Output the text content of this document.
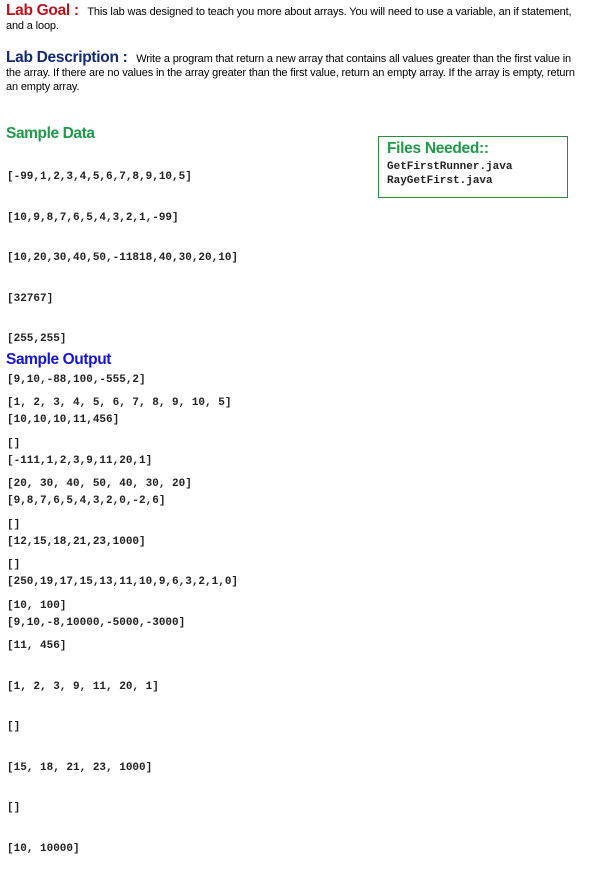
Lab Goal : This lab was designed to teach you more about arrays. You will need to use a variable, an if statement, and a loop.
Lab Description : Write a program that return a new array that contains all values greater than the first value in the array. If there are no values in the array greater than the first value, return an empty array. If the array is empty, return an empty array.
Sample Data

[-99,1,2,3,4,5,6,7,8,9,10,5]

[10,9,8,7,6,5,4,3,2,1,-99]

[10,20,30,40,50,-11818,40,30,20,10]

[32767]

[255,255]

[9,10,-88,100,-555,2]

[10,10,10,11,456]

[-111,1,2,3,9,11,20,1]

[9,8,7,6,5,4,3,2,0,-2,6]

[12,15,18,21,23,1000]

[250,19,17,15,13,11,10,9,6,3,2,1,0]

[9,10,-8,10000,-5000,-3000]

Files Needed::
GetFirstRunner.java
RayGetFirst.java
Sample Output

[1, 2, 3, 4, 5, 6, 7, 8, 9, 10, 5]

[]

[20, 30, 40, 50, 40, 30, 20]

[]

[]

[10, 100]

[11, 456]

[1, 2, 3, 9, 11, 20, 1]

[]

[15, 18, 21, 23, 1000]

[]

[10, 10000]
